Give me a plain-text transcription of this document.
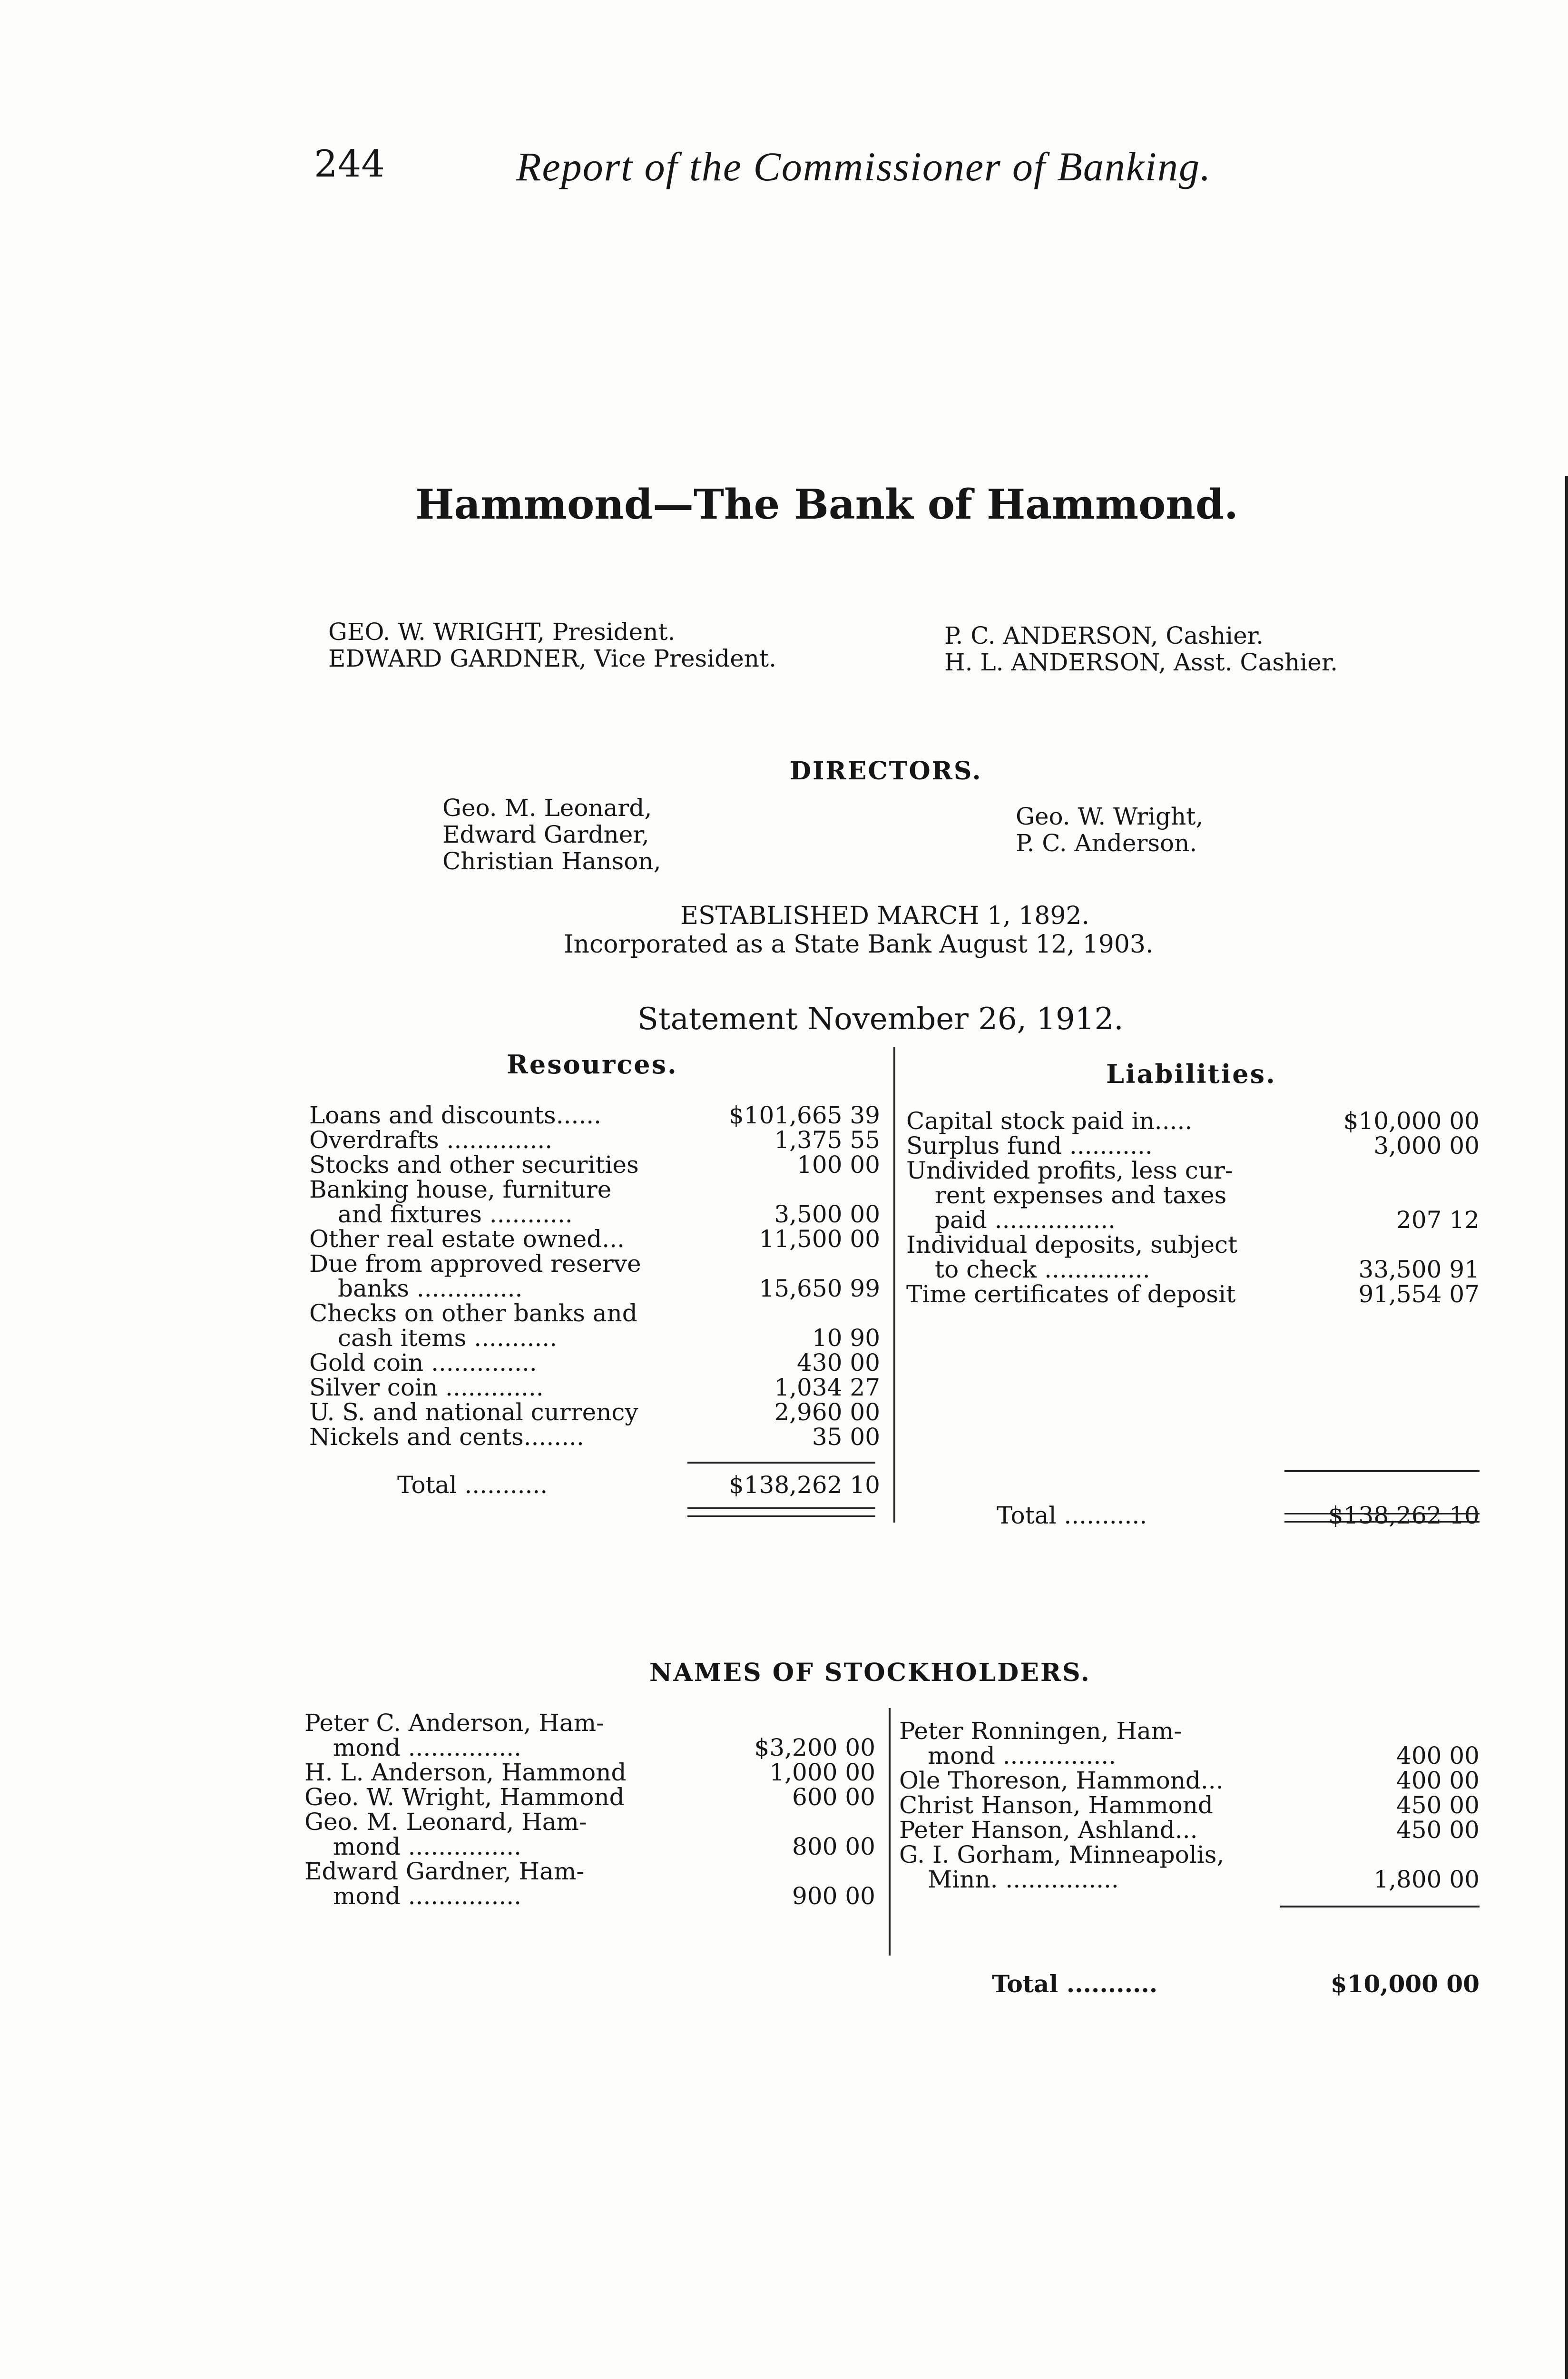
244	Report of the Commissioner of Banking.
Hammond—The Bank of Hammond.
GEO. W. WRIGHT, President.
EDWARD GARDNER, Vice President.
P. C. ANDERSON, Cashier.
H. L. ANDERSON, Asst. Cashier.
DIRECTORS.
Geo. M. Leonard,
Edward Gardner,
Christian Hanson,
Geo. W. Wright,
P. C. Anderson.
ESTABLISHED MARCH 1, 1892.
Incorporated as a State Bank August 12, 1903.
Statement November 26, 1912.
Resources.	Liabilities.
Loans and discounts......	$101,665 39
Overdrafts ..............	1,375 55
Stocks and other securities	100 00
Banking house, furniture
and fixtures ...........	3,500 00
Other real estate owned...	11,500 00
Due from approved reserve
banks ..............	15,650 99
Checks on other banks and
cash items ...........	10 90
Gold coin ..............	430 00
Silver coin .............	1,034 27
U. S. and national currency	2,960 00
Nickels and cents........	35 00
Capital stock paid in.....	$10,000 00
Surplus fund ...........	3,000 00
Undivided profits, less cur-
rent expenses and taxes
paid ................	207 12
Individual deposits, subject
to check ..............	33,500 91
Time certificates of deposit	91,554 07
Total ...........	$138,262 10
Total ...........	$138,262 10
NAMES OF STOCKHOLDERS.
Peter C. Anderson, Ham-
mond ...............	$3,200 00
H. L. Anderson, Hammond	1,000 00
Geo. W. Wright, Hammond	600 00
Geo. M. Leonard, Ham-
mond ...............	800 00
Edward Gardner, Ham-
mond ...............	900 00
Peter Ronningen, Ham-
mond ...............	400 00
Ole Thoreson, Hammond...	400 00
Christ Hanson, Hammond	450 00
Peter Hanson, Ashland...	450 00
G. I. Gorham, Minneapolis,
Minn. ...............	1,800 00
Total ...........	$10,000 00
